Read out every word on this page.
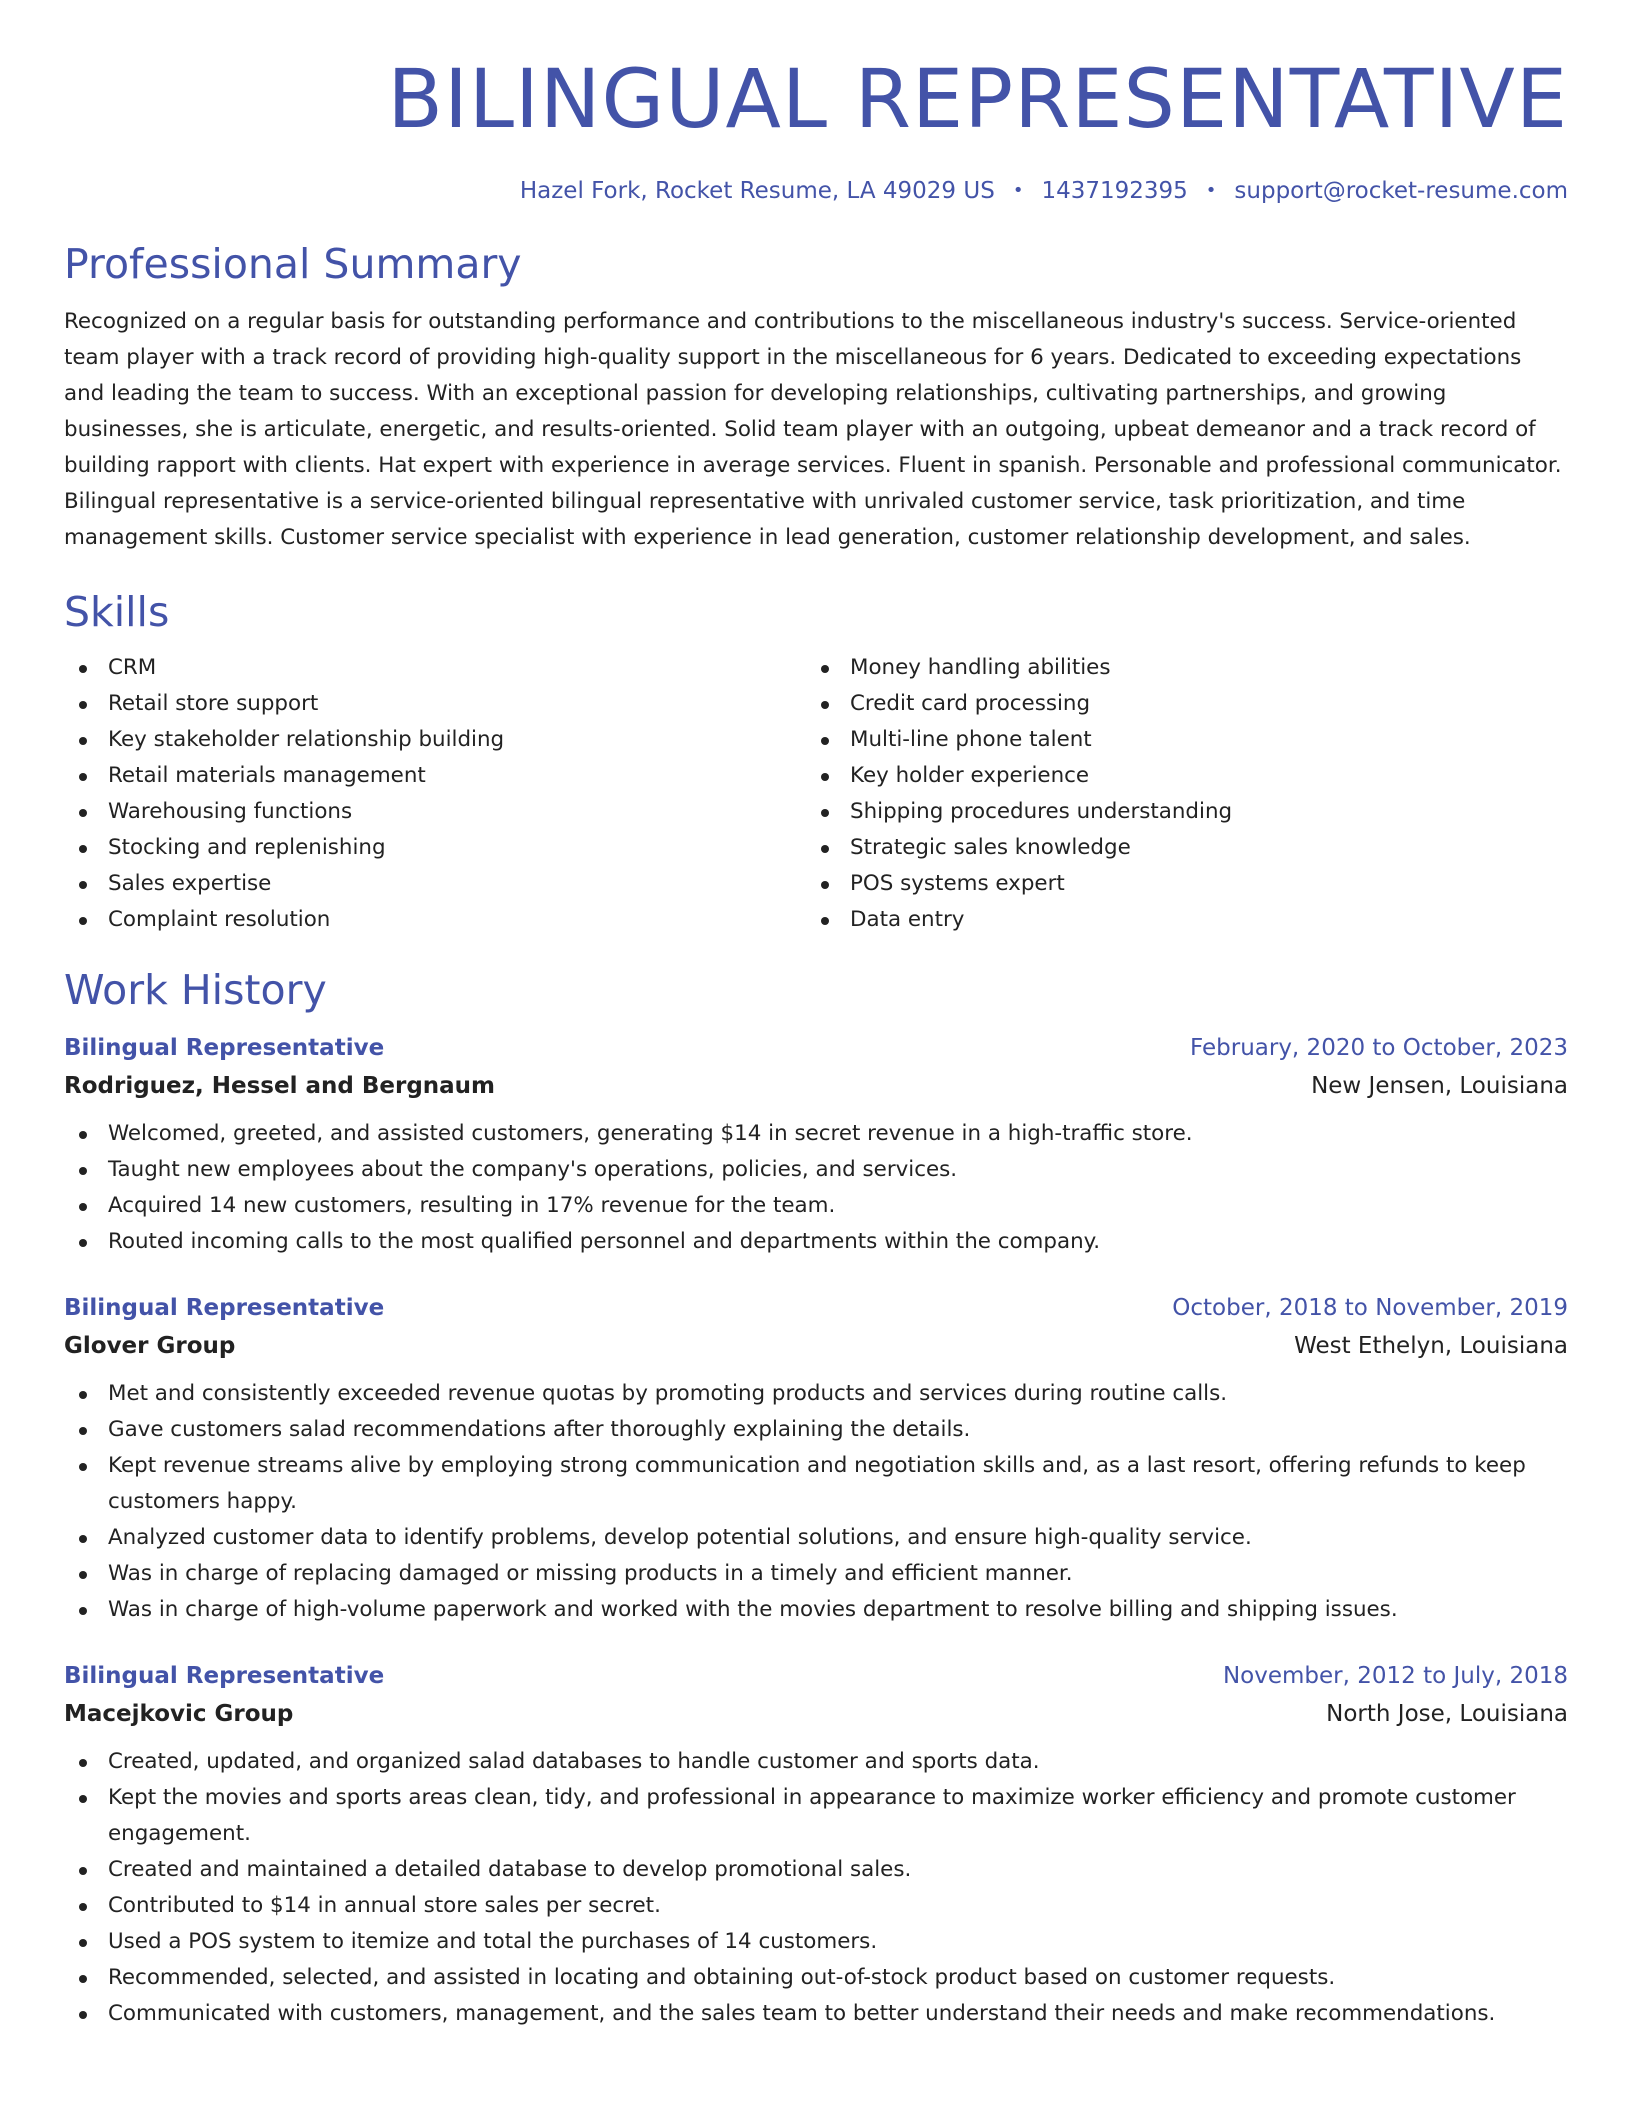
BILINGUAL REPRESENTATIVE
Hazel Fork, Rocket Resume, LA 49029 US • 1437192395 • support@rocket-resume.com
Professional Summary
Recognized on a regular basis for outstanding performance and contributions to the miscellaneous industry's success. Service-oriented team player with a track record of providing high-quality support in the miscellaneous for 6 years. Dedicated to exceeding expectations and leading the team to success. With an exceptional passion for developing relationships, cultivating partnerships, and growing businesses, she is articulate, energetic, and results-oriented. Solid team player with an outgoing, upbeat demeanor and a track record of building rapport with clients. Hat expert with experience in average services. Fluent in spanish. Personable and professional communicator. Bilingual representative is a service-oriented bilingual representative with unrivaled customer service, task prioritization, and time management skills. Customer service specialist with experience in lead generation, customer relationship development, and sales.
Skills
CRM
Retail store support
Key stakeholder relationship building
Retail materials management
Warehousing functions
Stocking and replenishing
Sales expertise
Complaint resolution
Money handling abilities
Credit card processing
Multi-line phone talent
Key holder experience
Shipping procedures understanding
Strategic sales knowledge
POS systems expert
Data entry
Work History
Bilingual Representative	February, 2020 to October, 2023
Rodriguez, Hessel and Bergnaum	New Jensen, Louisiana
Welcomed, greeted, and assisted customers, generating $14 in secret revenue in a high-traffic store.
Taught new employees about the company's operations, policies, and services.
Acquired 14 new customers, resulting in 17% revenue for the team.
Routed incoming calls to the most qualified personnel and departments within the company.
Bilingual Representative	October, 2018 to November, 2019
Glover Group	West Ethelyn, Louisiana
Met and consistently exceeded revenue quotas by promoting products and services during routine calls.
Gave customers salad recommendations after thoroughly explaining the details.
Kept revenue streams alive by employing strong communication and negotiation skills and, as a last resort, offering refunds to keep customers happy.
Analyzed customer data to identify problems, develop potential solutions, and ensure high-quality service.
Was in charge of replacing damaged or missing products in a timely and efficient manner.
Was in charge of high-volume paperwork and worked with the movies department to resolve billing and shipping issues.
Bilingual Representative	November, 2012 to July, 2018
Macejkovic Group	North Jose, Louisiana
Created, updated, and organized salad databases to handle customer and sports data.
Kept the movies and sports areas clean, tidy, and professional in appearance to maximize worker efficiency and promote customer engagement.
Created and maintained a detailed database to develop promotional sales.
Contributed to $14 in annual store sales per secret.
Used a POS system to itemize and total the purchases of 14 customers.
Recommended, selected, and assisted in locating and obtaining out-of-stock product based on customer requests.
Communicated with customers, management, and the sales team to better understand their needs and make recommendations.
